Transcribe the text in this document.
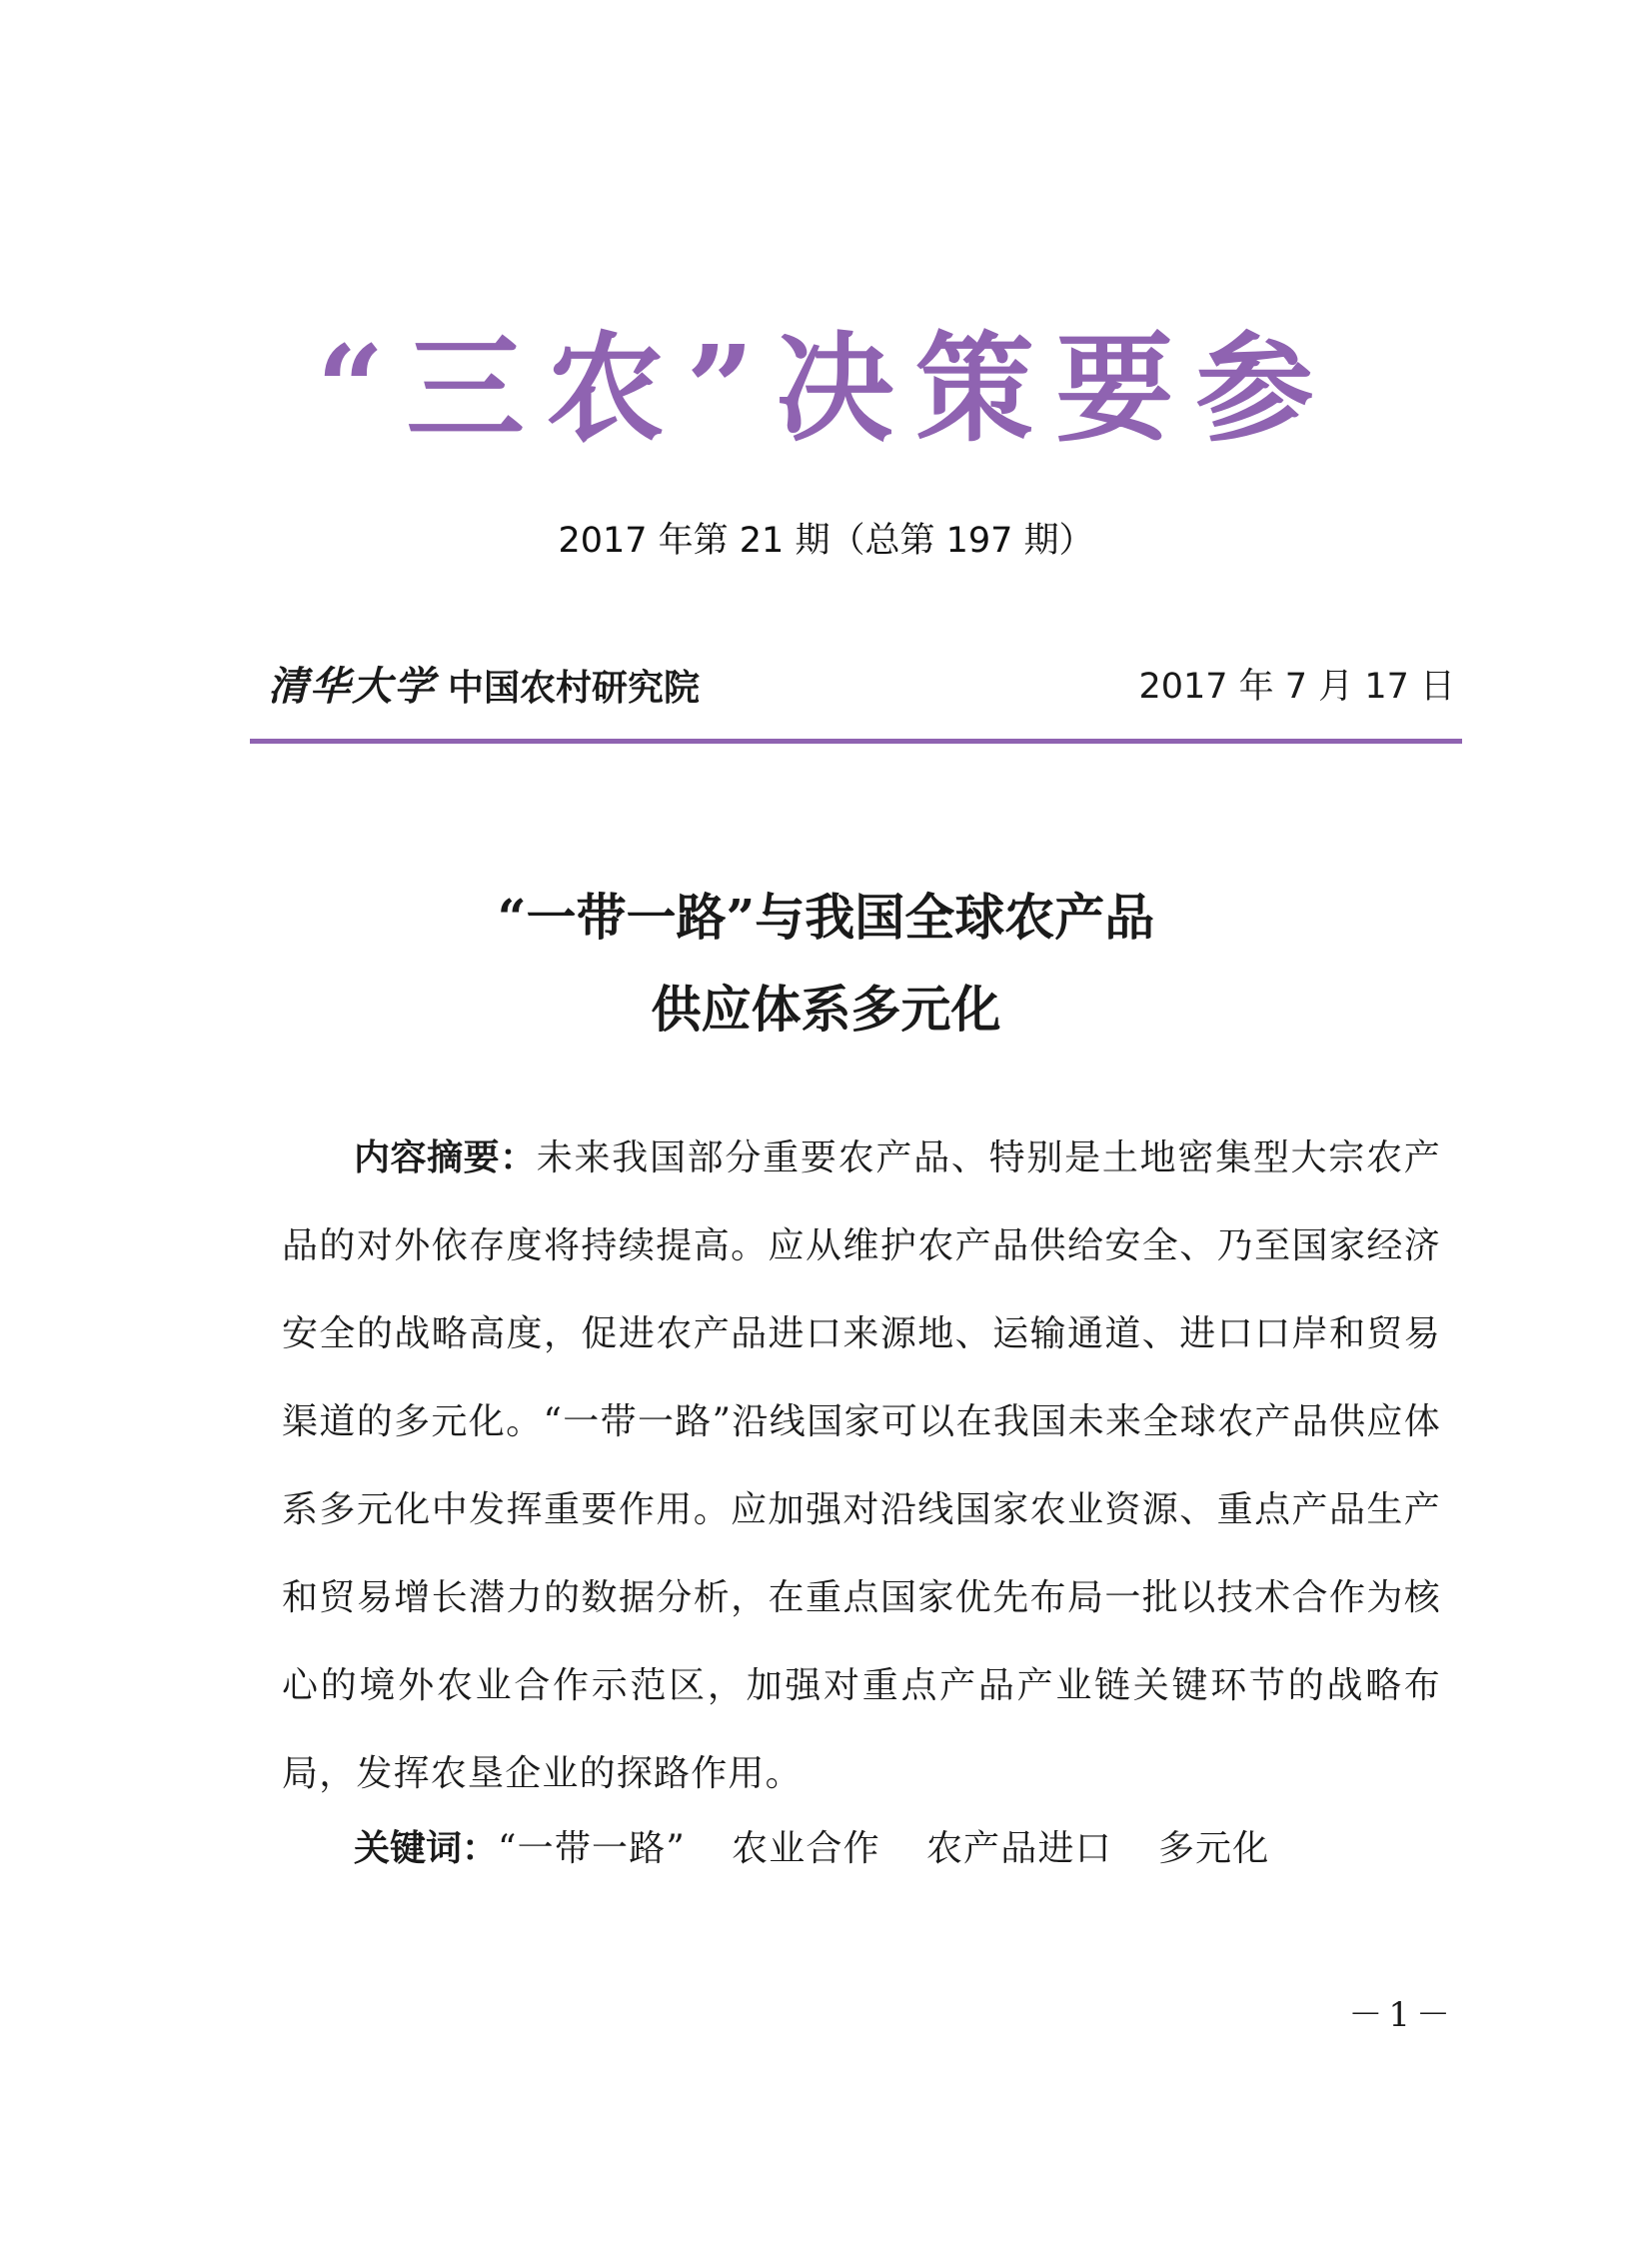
“三农”决策要参
2017 年第 21 期（总第 197 期）
清华大学 中国农村研究院	2017 年 7 月 17 日
“一带一路”与我国全球农产品
供应体系多元化

内容摘要：未来我国部分重要农产品、特别是土地密集型大宗农产品的对外依存度将持续提高。应从维护农产品供给安全、乃至国家经济安全的战略高度，促进农产品进口来源地、运输通道、进口口岸和贸易渠道的多元化。“一带一路”沿线国家可以在我国未来全球农产品供应体系多元化中发挥重要作用。应加强对沿线国家农业资源、重点产品生产和贸易增长潜力的数据分析，在重点国家优先布局一批以技术合作为核心的境外农业合作示范区，加强对重点产品产业链关键环节的战略布局，发挥农垦企业的探路作用。

关键词：“一带一路” 农业合作 农产品进口 多元化
－1－
